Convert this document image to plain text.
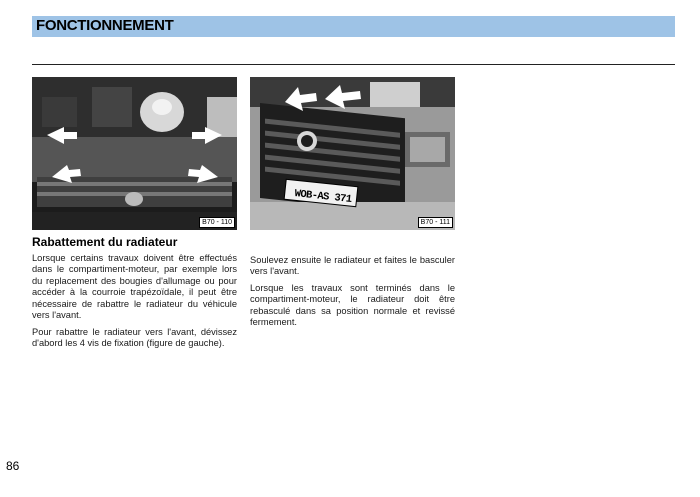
FONCTIONNEMENT
B70 - 110
WOB-AS 371
B70 - 111
Rabattement du radiateur

Lorsque certains travaux doivent être effectués dans le compartiment-moteur, par exemple lors du replacement des bougies d'allumage ou pour accéder à la courroie trapézoïdale, il peut être nécessaire de rabattre le radiateur du véhicule vers l'avant.

Pour rabattre le radiateur vers l'avant, dévissez d'abord les 4 vis de fixation (figure de gauche).

Soulevez ensuite le radiateur et faites le basculer vers l'avant.

Lorsque les travaux sont terminés dans le compartiment-moteur, le radiateur doit être rebasculé dans sa position normale et revissé fermement.

86
